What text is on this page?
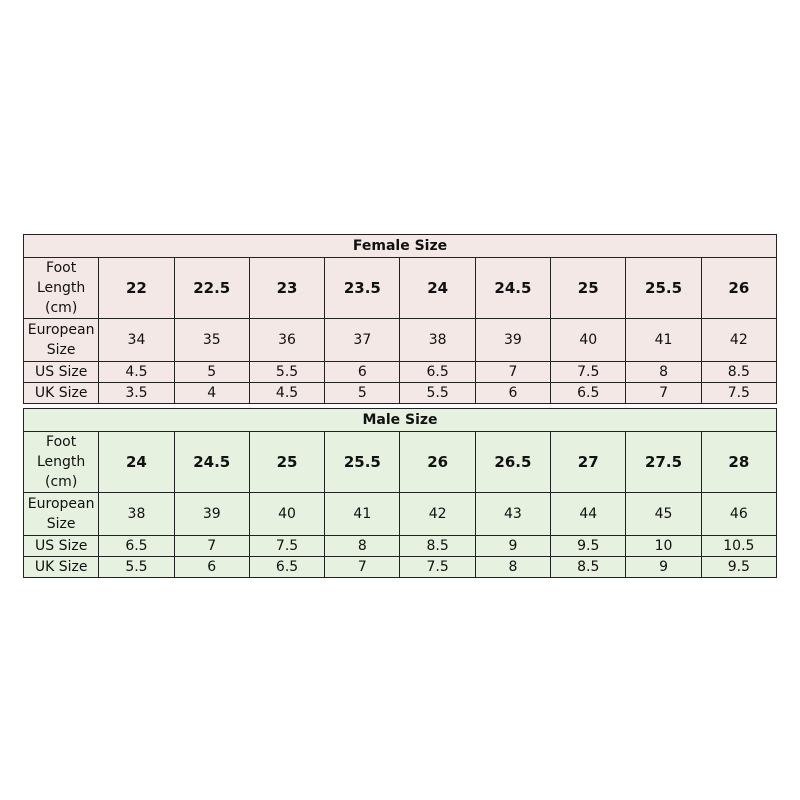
Female Size									
Foot Length (cm)	22	22.5	23	23.5	24	24.5	25	25.5	26
European Size	34	35	36	37	38	39	40	41	42
US Size	4.5	5	5.5	6	6.5	7	7.5	8	8.5
UK Size	3.5	4	4.5	5	5.5	6	6.5	7	7.5
Male Size									
Foot Length (cm)	24	24.5	25	25.5	26	26.5	27	27.5	28
European Size	38	39	40	41	42	43	44	45	46
US Size	6.5	7	7.5	8	8.5	9	9.5	10	10.5
UK Size	5.5	6	6.5	7	7.5	8	8.5	9	9.5
